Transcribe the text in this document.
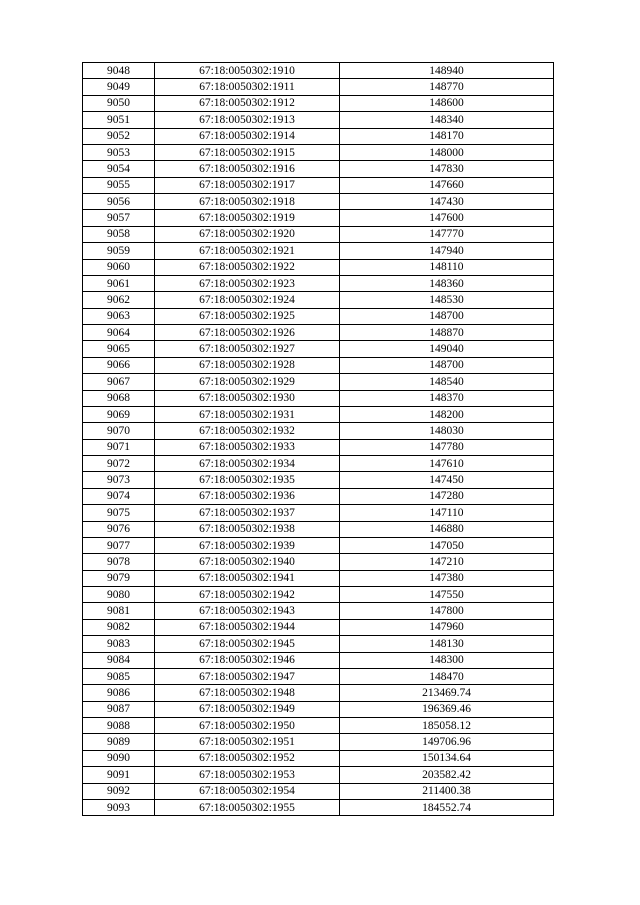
9048	67:18:0050302:1910	148940
9049	67:18:0050302:1911	148770
9050	67:18:0050302:1912	148600
9051	67:18:0050302:1913	148340
9052	67:18:0050302:1914	148170
9053	67:18:0050302:1915	148000
9054	67:18:0050302:1916	147830
9055	67:18:0050302:1917	147660
9056	67:18:0050302:1918	147430
9057	67:18:0050302:1919	147600
9058	67:18:0050302:1920	147770
9059	67:18:0050302:1921	147940
9060	67:18:0050302:1922	148110
9061	67:18:0050302:1923	148360
9062	67:18:0050302:1924	148530
9063	67:18:0050302:1925	148700
9064	67:18:0050302:1926	148870
9065	67:18:0050302:1927	149040
9066	67:18:0050302:1928	148700
9067	67:18:0050302:1929	148540
9068	67:18:0050302:1930	148370
9069	67:18:0050302:1931	148200
9070	67:18:0050302:1932	148030
9071	67:18:0050302:1933	147780
9072	67:18:0050302:1934	147610
9073	67:18:0050302:1935	147450
9074	67:18:0050302:1936	147280
9075	67:18:0050302:1937	147110
9076	67:18:0050302:1938	146880
9077	67:18:0050302:1939	147050
9078	67:18:0050302:1940	147210
9079	67:18:0050302:1941	147380
9080	67:18:0050302:1942	147550
9081	67:18:0050302:1943	147800
9082	67:18:0050302:1944	147960
9083	67:18:0050302:1945	148130
9084	67:18:0050302:1946	148300
9085	67:18:0050302:1947	148470
9086	67:18:0050302:1948	213469.74
9087	67:18:0050302:1949	196369.46
9088	67:18:0050302:1950	185058.12
9089	67:18:0050302:1951	149706.96
9090	67:18:0050302:1952	150134.64
9091	67:18:0050302:1953	203582.42
9092	67:18:0050302:1954	211400.38
9093	67:18:0050302:1955	184552.74
